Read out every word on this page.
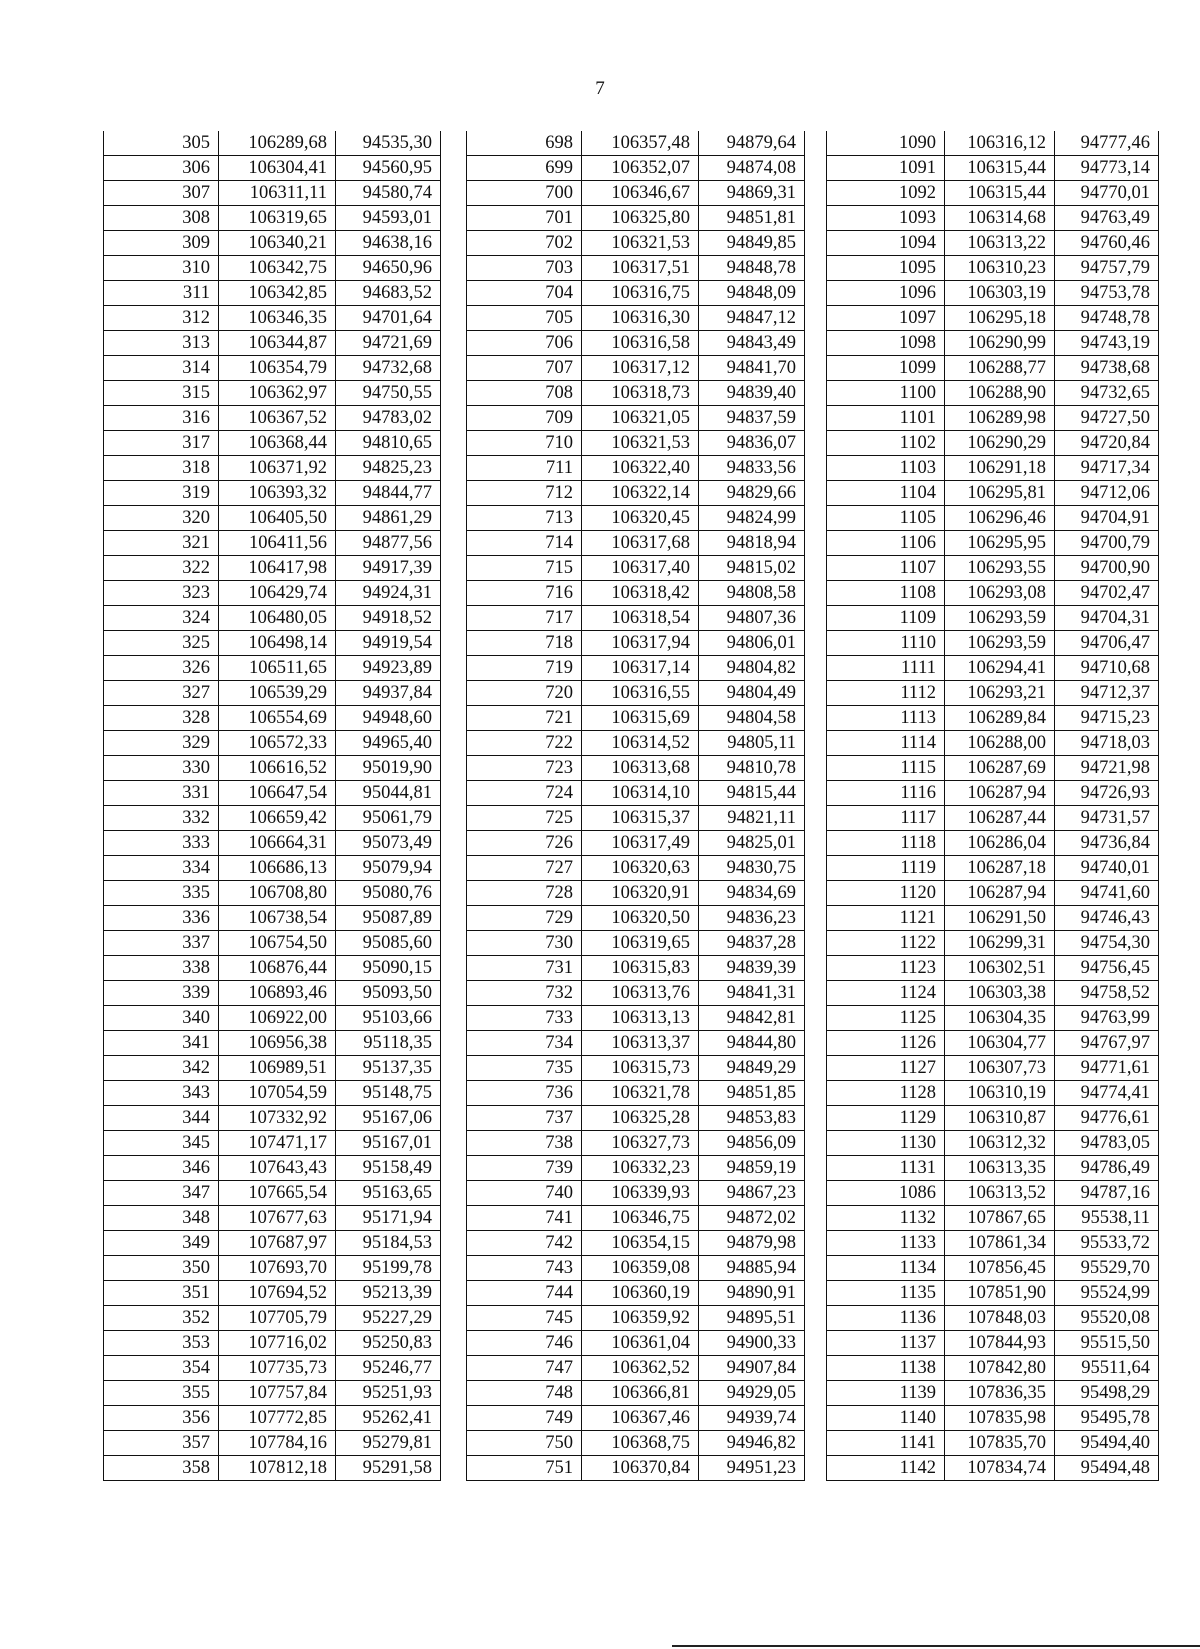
7
305	106289,68	94535,30
306	106304,41	94560,95
307	106311,11	94580,74
308	106319,65	94593,01
309	106340,21	94638,16
310	106342,75	94650,96
311	106342,85	94683,52
312	106346,35	94701,64
313	106344,87	94721,69
314	106354,79	94732,68
315	106362,97	94750,55
316	106367,52	94783,02
317	106368,44	94810,65
318	106371,92	94825,23
319	106393,32	94844,77
320	106405,50	94861,29
321	106411,56	94877,56
322	106417,98	94917,39
323	106429,74	94924,31
324	106480,05	94918,52
325	106498,14	94919,54
326	106511,65	94923,89
327	106539,29	94937,84
328	106554,69	94948,60
329	106572,33	94965,40
330	106616,52	95019,90
331	106647,54	95044,81
332	106659,42	95061,79
333	106664,31	95073,49
334	106686,13	95079,94
335	106708,80	95080,76
336	106738,54	95087,89
337	106754,50	95085,60
338	106876,44	95090,15
339	106893,46	95093,50
340	106922,00	95103,66
341	106956,38	95118,35
342	106989,51	95137,35
343	107054,59	95148,75
344	107332,92	95167,06
345	107471,17	95167,01
346	107643,43	95158,49
347	107665,54	95163,65
348	107677,63	95171,94
349	107687,97	95184,53
350	107693,70	95199,78
351	107694,52	95213,39
352	107705,79	95227,29
353	107716,02	95250,83
354	107735,73	95246,77
355	107757,84	95251,93
356	107772,85	95262,41
357	107784,16	95279,81
358	107812,18	95291,58
698	106357,48	94879,64
699	106352,07	94874,08
700	106346,67	94869,31
701	106325,80	94851,81
702	106321,53	94849,85
703	106317,51	94848,78
704	106316,75	94848,09
705	106316,30	94847,12
706	106316,58	94843,49
707	106317,12	94841,70
708	106318,73	94839,40
709	106321,05	94837,59
710	106321,53	94836,07
711	106322,40	94833,56
712	106322,14	94829,66
713	106320,45	94824,99
714	106317,68	94818,94
715	106317,40	94815,02
716	106318,42	94808,58
717	106318,54	94807,36
718	106317,94	94806,01
719	106317,14	94804,82
720	106316,55	94804,49
721	106315,69	94804,58
722	106314,52	94805,11
723	106313,68	94810,78
724	106314,10	94815,44
725	106315,37	94821,11
726	106317,49	94825,01
727	106320,63	94830,75
728	106320,91	94834,69
729	106320,50	94836,23
730	106319,65	94837,28
731	106315,83	94839,39
732	106313,76	94841,31
733	106313,13	94842,81
734	106313,37	94844,80
735	106315,73	94849,29
736	106321,78	94851,85
737	106325,28	94853,83
738	106327,73	94856,09
739	106332,23	94859,19
740	106339,93	94867,23
741	106346,75	94872,02
742	106354,15	94879,98
743	106359,08	94885,94
744	106360,19	94890,91
745	106359,92	94895,51
746	106361,04	94900,33
747	106362,52	94907,84
748	106366,81	94929,05
749	106367,46	94939,74
750	106368,75	94946,82
751	106370,84	94951,23
1090	106316,12	94777,46
1091	106315,44	94773,14
1092	106315,44	94770,01
1093	106314,68	94763,49
1094	106313,22	94760,46
1095	106310,23	94757,79
1096	106303,19	94753,78
1097	106295,18	94748,78
1098	106290,99	94743,19
1099	106288,77	94738,68
1100	106288,90	94732,65
1101	106289,98	94727,50
1102	106290,29	94720,84
1103	106291,18	94717,34
1104	106295,81	94712,06
1105	106296,46	94704,91
1106	106295,95	94700,79
1107	106293,55	94700,90
1108	106293,08	94702,47
1109	106293,59	94704,31
1110	106293,59	94706,47
1111	106294,41	94710,68
1112	106293,21	94712,37
1113	106289,84	94715,23
1114	106288,00	94718,03
1115	106287,69	94721,98
1116	106287,94	94726,93
1117	106287,44	94731,57
1118	106286,04	94736,84
1119	106287,18	94740,01
1120	106287,94	94741,60
1121	106291,50	94746,43
1122	106299,31	94754,30
1123	106302,51	94756,45
1124	106303,38	94758,52
1125	106304,35	94763,99
1126	106304,77	94767,97
1127	106307,73	94771,61
1128	106310,19	94774,41
1129	106310,87	94776,61
1130	106312,32	94783,05
1131	106313,35	94786,49
1086	106313,52	94787,16
1132	107867,65	95538,11
1133	107861,34	95533,72
1134	107856,45	95529,70
1135	107851,90	95524,99
1136	107848,03	95520,08
1137	107844,93	95515,50
1138	107842,80	95511,64
1139	107836,35	95498,29
1140	107835,98	95495,78
1141	107835,70	95494,40
1142	107834,74	95494,48
